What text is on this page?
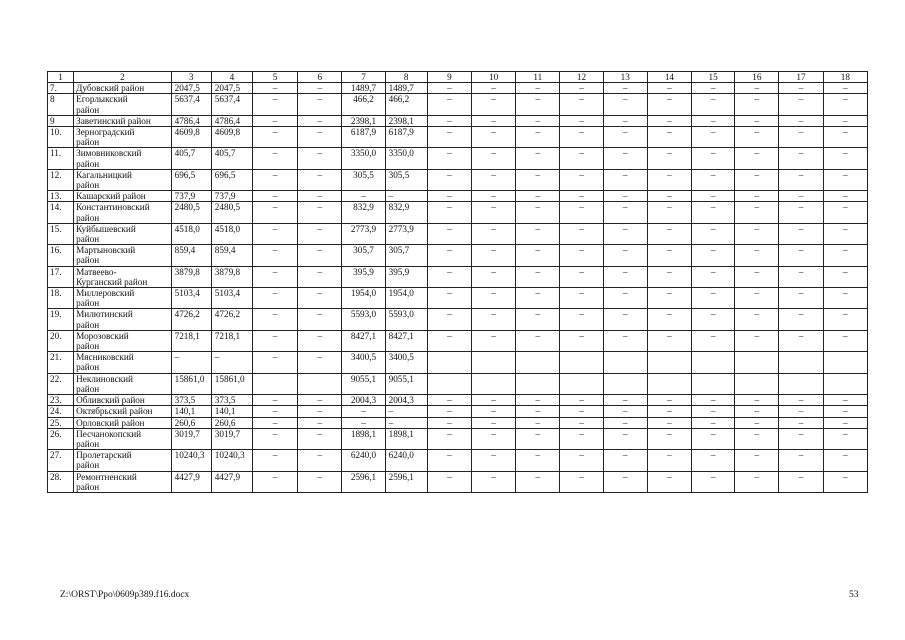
1	2	3	4	5	6	7	8	9	10	11	12	13	14	15	16	17	18
7.	Дубовский район	2047,5	2047,5	–	–	1489,7	1489,7	–	–	–	–	–	–	–	–	–	–
8	Егорлыкский
район	5637,4	5637,4	–	–	466,2	466,2	–	–	–	–	–	–	–	–	–	–
9	Заветинский район	4786,4	4786,4	–	–	2398,1	2398,1	–	–	–	–	–	–	–	–	–	–
10.	Зерноградский
район	4609,8	4609,8	–	–	6187,9	6187,9	–	–	–	–	–	–	–	–	–	–
11.	Зимовниковский
район	405,7	405,7	–	–	3350,0	3350,0	–	–	–	–	–	–	–	–	–	–
12.	Кагальницкий
район	696,5	696,5	–	–	305,5	305,5	–	–	–	–	–	–	–	–	–	–
13.	Кашарский район	737,9	737,9	–	–	–	–	–	–	–	–	–	–	–	–	–	–
14.	Константиновский
район	2480,5	2480,5	–	–	832,9	832,9	–	–	–	–	–	–	–	–	–	–
15.	Куйбышевский
район	4518,0	4518,0	–	–	2773,9	2773,9	–	–	–	–	–	–	–	–	–	–
16.	Мартыновский
район	859,4	859,4	–	–	305,7	305,7	–	–	–	–	–	–	–	–	–	–
17.	Матвеево-
Курганский район	3879,8	3879,8	–	–	395,9	395,9	–	–	–	–	–	–	–	–	–	–
18.	Миллеровский
район	5103,4	5103,4	–	–	1954,0	1954,0	–	–	–	–	–	–	–	–	–	–
19.	Милютинский
район	4726,2	4726,2	–	–	5593,0	5593,0	–	–	–	–	–	–	–	–	–	–
20.	Морозовский
район	7218,1	7218,1	–	–	8427,1	8427,1	–	–	–	–	–	–	–	–	–	–
21.	Мясниковский
район	–	–	–	–	3400,5	3400,5										
22.	Неклиновский
район	15861,0	15861,0			9055,1	9055,1										
23.	Обливский район	373,5	373,5	–	–	2004,3	2004,3	–	–	–	–	–	–	–	–	–	–
24.	Октябрьский район	140,1	140,1	–	–	–	–	–	–	–	–	–	–	–	–	–	–
25.	Орловский район	260,6	260,6	–	–	–	–	–	–	–	–	–	–	–	–	–	–
26.	Песчанокопский
район	3019,7	3019,7	–	–	1898,1	1898,1	–	–	–	–	–	–	–	–	–	–
27.	Пролетарский
район	10240,3	10240,3	–	–	6240,0	6240,0	–	–	–	–	–	–	–	–	–	–
28.	Ремонтненский
район	4427,9	4427,9	–	–	2596,1	2596,1	–	–	–	–	–	–	–	–	–	–
Z:\ORST\Ppo\0609p389.f16.docx	53
